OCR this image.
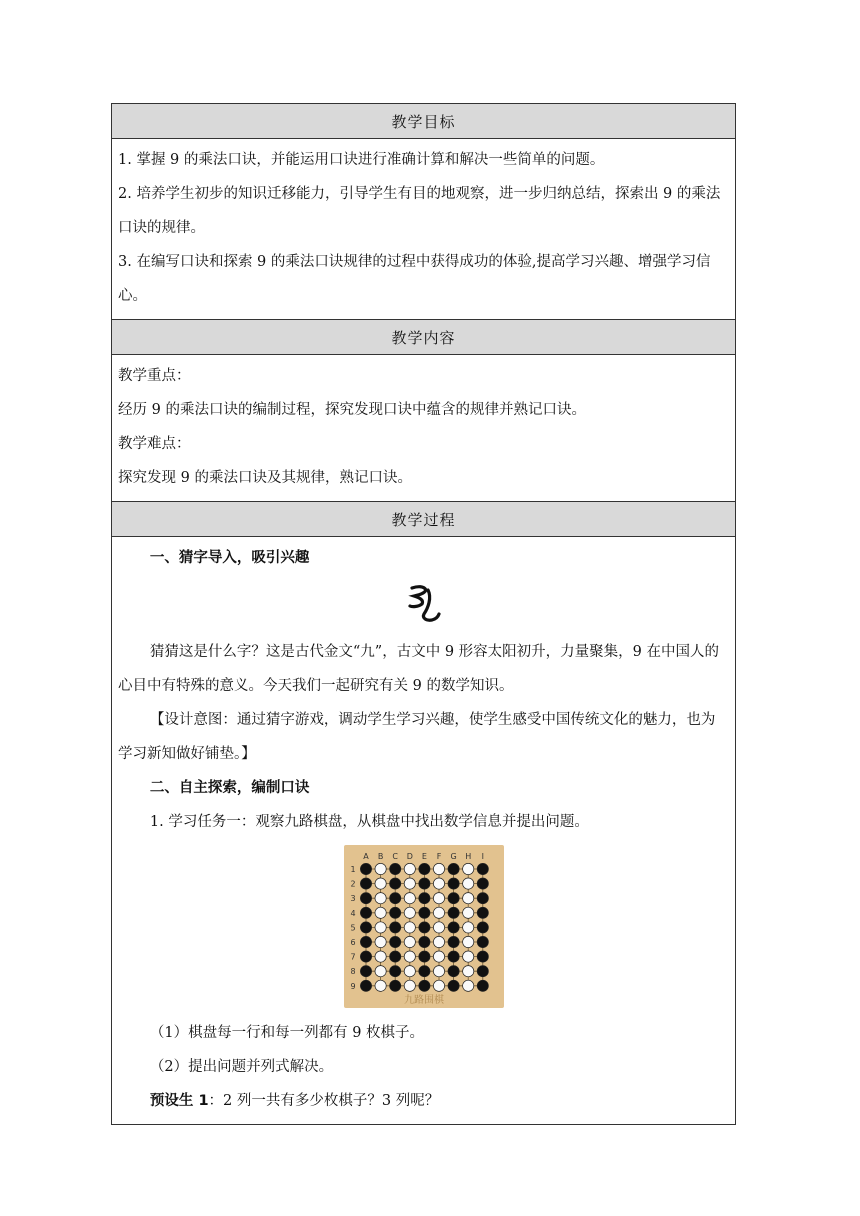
教学目标
1. 掌握 9 的乘法口诀，并能运用口诀进行准确计算和解决一些简单的问题。
2. 培养学生初步的知识迁移能力，引导学生有目的地观察，进一步归纳总结，探索出 9 的乘法口诀的规律。
3. 在编写口诀和探索 9 的乘法口诀规律的过程中获得成功的体验,提高学习兴趣、增强学习信心。
教学内容
教学重点：
经历 9 的乘法口诀的编制过程，探究发现口诀中蕴含的规律并熟记口诀。
教学难点：
探究发现 9 的乘法口诀及其规律，熟记口诀。
教学过程
一、猜字导入，吸引兴趣
猜猜这是什么字？这是古代金文“九”，古文中 9 形容太阳初升，力量聚集，9 在中国人的心目中有特殊的意义。今天我们一起研究有关 9 的数学知识。
【设计意图：通过猜字游戏，调动学生学习兴趣，使学生感受中国传统文化的魅力，也为学习新知做好铺垫。】
二、自主探索，编制口诀
1. 学习任务一：观察九路棋盘，从棋盘中找出数学信息并提出问题。
A B C D E F G H I
1
2
3
4
5
6
7
8
9
九路围棋
（1）棋盘每一行和每一列都有 9 枚棋子。
（2）提出问题并列式解决。
预设生 1：2 列一共有多少枚棋子？3 列呢？
